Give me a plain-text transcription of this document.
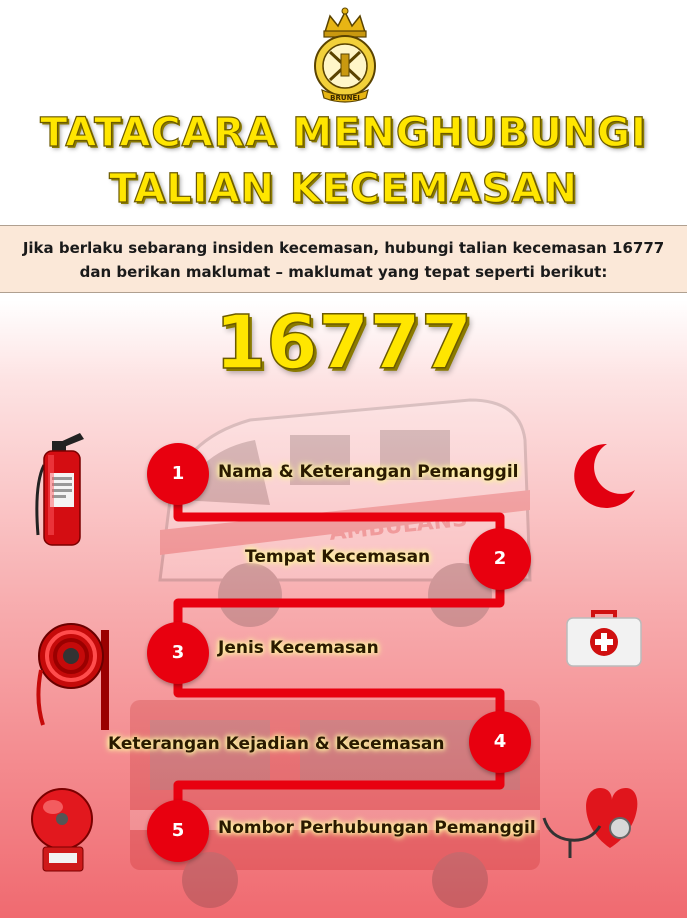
BRUNEI
TATACARA MENGHUBUNGI
TALIAN KECEMASAN
Jika berlaku sebarang insiden kecemasan, hubungi talian kecemasan 16777
dan berikan maklumat – maklumat yang tepat seperti berikut:
16777
AMBULANS
1	Nama & Keterangan Pemanggil
2
Tempat Kecemasan
3	Jenis Kecemasan
4
Keterangan Kejadian & Kecemasan
5	Nombor Perhubungan Pemanggil
